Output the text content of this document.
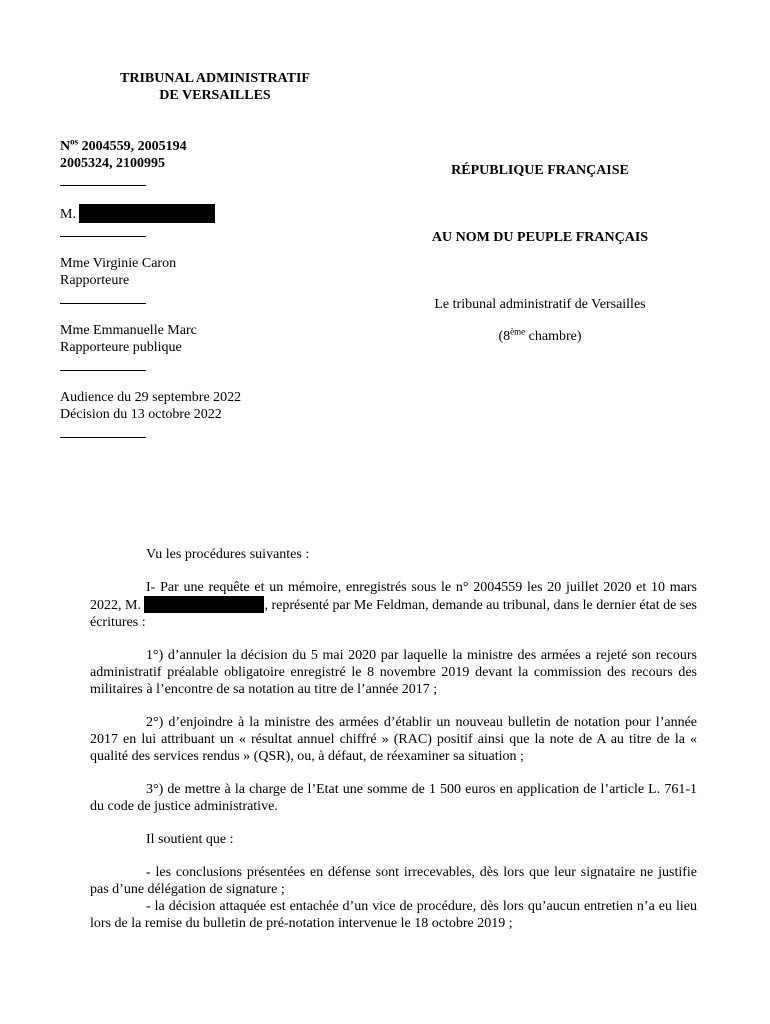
TRIBUNAL ADMINISTRATIF
DE VERSAILLES
$N^{os}$ 2004559, 2005194
2005324, 2100995
M.
Mme Virginie Caron
Rapporteure
Mme Emmanuelle Marc
Rapporteure publique
Audience du 29 septembre 2022
Décision du 13 octobre 2022
RÉPUBLIQUE FRANÇAISE
AU NOM DU PEUPLE FRANÇAIS
Le tribunal administratif de Versailles
(8ème chambre)

Vu les procédures suivantes :

I- Par une requête et un mémoire, enregistrés sous le n° 2004559 les 20 juillet 2020 et 10 mars 2022, M.	, représenté par Me Feldman, demande au tribunal, dans le dernier état de ses écritures :

1°) d’annuler la décision du 5 mai 2020 par laquelle la ministre des armées a rejeté son recours administratif préalable obligatoire enregistré le 8 novembre 2019 devant la commission des recours des militaires à l’encontre de sa notation au titre de l’année 2017 ;

2°) d’enjoindre à la ministre des armées d’établir un nouveau bulletin de notation pour l’année 2017 en lui attribuant un « résultat annuel chiffré » (RAC) positif ainsi que la note de A au titre de la « qualité des services rendus » (QSR), ou, à défaut, de réexaminer sa situation ;

3°) de mettre à la charge de l’Etat une somme de 1 500 euros en application de l’article L. 761-1 du code de justice administrative.

Il soutient que :

- les conclusions présentées en défense sont irrecevables, dès lors que leur signataire ne justifie pas d’une délégation de signature ;

- la décision attaquée est entachée d’un vice de procédure, dès lors qu’aucun entretien n’a eu lieu lors de la remise du bulletin de pré-notation intervenue le 18 octobre 2019 ;
